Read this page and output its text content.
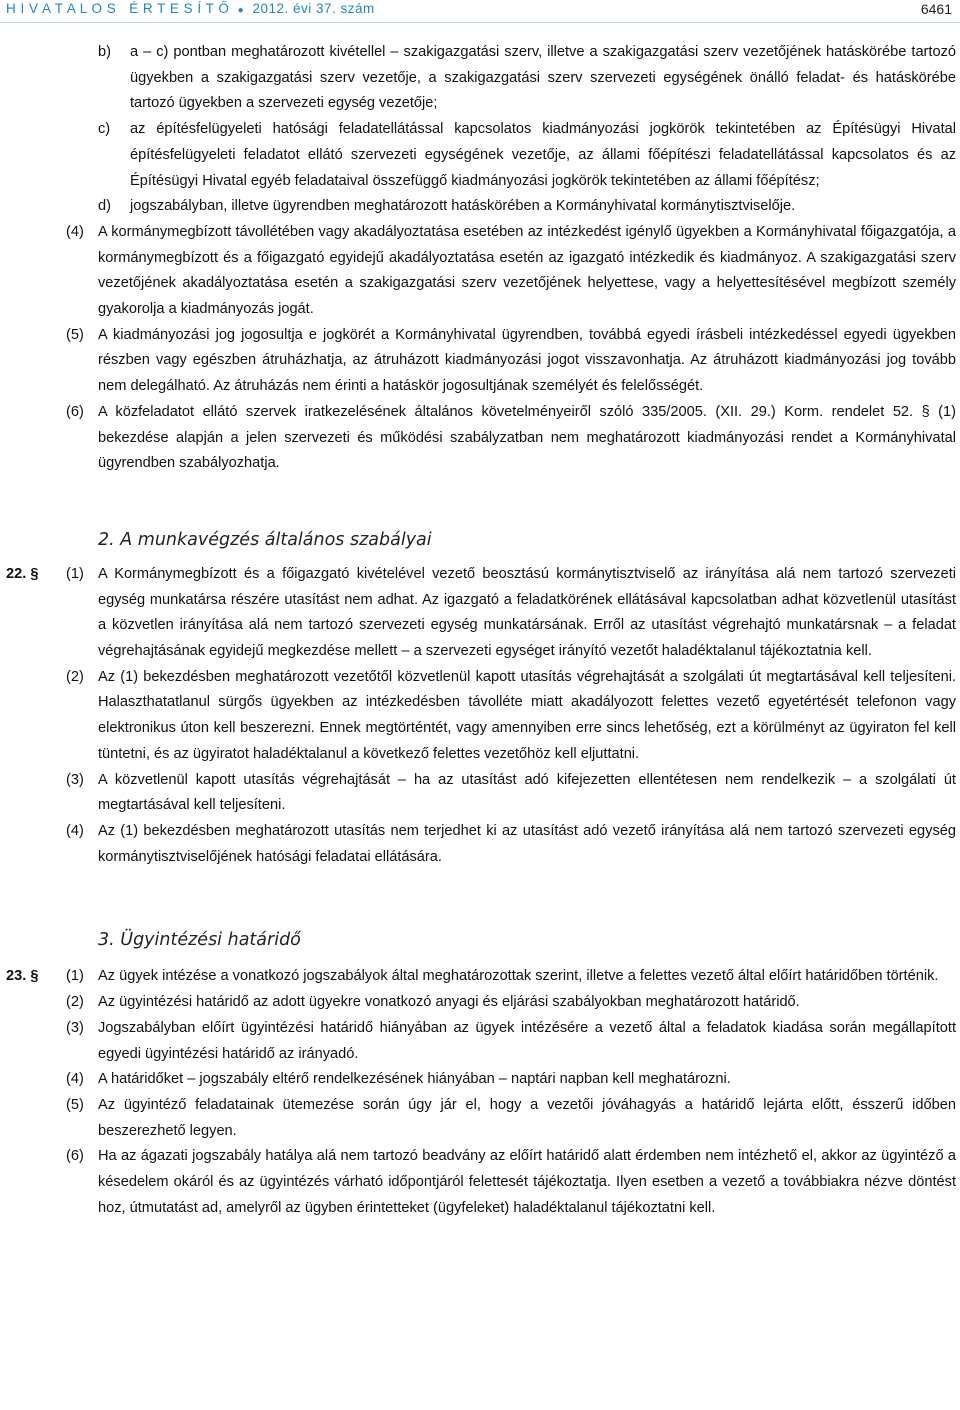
H I V A T A L O S   É R T E S Í T Ő ● 2012. évi 37. szám	6461
b) a – c) pontban meghatározott kivétellel – szakigazgatási szerv, illetve a szakigazgatási szerv vezetőjének hatáskörébe tartozó ügyekben a szakigazgatási szerv vezetője, a szakigazgatási szerv szervezeti egységének önálló feladat- és hatáskörébe tartozó ügyekben a szervezeti egység vezetője;
c) az építésfelügyeleti hatósági feladatellátással kapcsolatos kiadmányozási jogkörök tekintetében az Építésügyi Hivatal építésfelügyeleti feladatot ellátó szervezeti egységének vezetője, az állami főépítészi feladatellátással kapcsolatos és az Építésügyi Hivatal egyéb feladataival összefüggő kiadmányozási jogkörök tekintetében az állami főépítész;
d) jogszabályban, illetve ügyrendben meghatározott hatáskörében a Kormányhivatal kormánytisztviselője.
(4) A kormánymegbízott távollétében vagy akadályoztatása esetében az intézkedést igénylő ügyekben a Kormányhivatal főigazgatója, a kormánymegbízott és a főigazgató egyidejű akadályoztatása esetén az igazgató intézkedik és kiadmányoz. A szakigazgatási szerv vezetőjének akadályoztatása esetén a szakigazgatási szerv vezetőjének helyettese, vagy a helyettesítésével megbízott személy gyakorolja a kiadmányozás jogát.
(5) A kiadmányozási jog jogosultja e jogkörét a Kormányhivatal ügyrendben, továbbá egyedi írásbeli intézkedéssel egyedi ügyekben részben vagy egészben átruházhatja, az átruházott kiadmányozási jogot visszavonhatja. Az átruházott kiadmányozási jog tovább nem delegálható. Az átruházás nem érinti a hatáskör jogosultjának személyét és felelősségét.
(6) A közfeladatot ellátó szervek iratkezelésének általános követelményeiről szóló 335/2005. (XII. 29.) Korm. rendelet 52. § (1) bekezdése alapján a jelen szervezeti és működési szabályzatban nem meghatározott kiadmányozási rendet a Kormányhivatal ügyrendben szabályozhatja.
2. A munkavégzés általános szabályai
22. § (1) A Kormánymegbízott és a főigazgató kivételével vezető beosztású kormánytisztviselő az irányítása alá nem tartozó szervezeti egység munkatársa részére utasítást nem adhat. Az igazgató a feladatkörének ellátásával kapcsolatban adhat közvetlenül utasítást a közvetlen irányítása alá nem tartozó szervezeti egység munkatársának. Erről az utasítást végrehajtó munkatársnak – a feladat végrehajtásának egyidejű megkezdése mellett – a szervezeti egységet irányító vezetőt haladéktalanul tájékoztatnia kell.
(2) Az (1) bekezdésben meghatározott vezetőtől közvetlenül kapott utasítás végrehajtását a szolgálati út megtartásával kell teljesíteni. Halaszthatatlanul sürgős ügyekben az intézkedésben távolléte miatt akadályozott felettes vezető egyetértését telefonon vagy elektronikus úton kell beszerezni. Ennek megtörténtét, vagy amennyiben erre sincs lehetőség, ezt a körülményt az ügyiraton fel kell tüntetni, és az ügyiratot haladéktalanul a következő felettes vezetőhöz kell eljuttatni.
(3) A közvetlenül kapott utasítás végrehajtását – ha az utasítást adó kifejezetten ellentétesen nem rendelkezik – a szolgálati út megtartásával kell teljesíteni.
(4) Az (1) bekezdésben meghatározott utasítás nem terjedhet ki az utasítást adó vezető irányítása alá nem tartozó szervezeti egység kormánytisztviselőjének hatósági feladatai ellátására.
3. Ügyintézési határidő
23. § (1) Az ügyek intézése a vonatkozó jogszabályok által meghatározottak szerint, illetve a felettes vezető által előírt határidőben történik.
(2) Az ügyintézési határidő az adott ügyekre vonatkozó anyagi és eljárási szabályokban meghatározott határidő.
(3) Jogszabályban előírt ügyintézési határidő hiányában az ügyek intézésére a vezető által a feladatok kiadása során megállapított egyedi ügyintézési határidő az irányadó.
(4) A határidőket – jogszabály eltérő rendelkezésének hiányában – naptári napban kell meghatározni.
(5) Az ügyintéző feladatainak ütemezése során úgy jár el, hogy a vezetői jóváhagyás a határidő lejárta előtt, ésszerű időben beszerezhető legyen.
(6) Ha az ágazati jogszabály hatálya alá nem tartozó beadvány az előírt határidő alatt érdemben nem intézhető el, akkor az ügyintéző a késedelem okáról és az ügyintézés várható időpontjáról felettesét tájékoztatja. Ilyen esetben a vezető a továbbiakra nézve döntést hoz, útmutatást ad, amelyről az ügyben érintetteket (ügyfeleket) haladéktalanul tájékoztatni kell.
